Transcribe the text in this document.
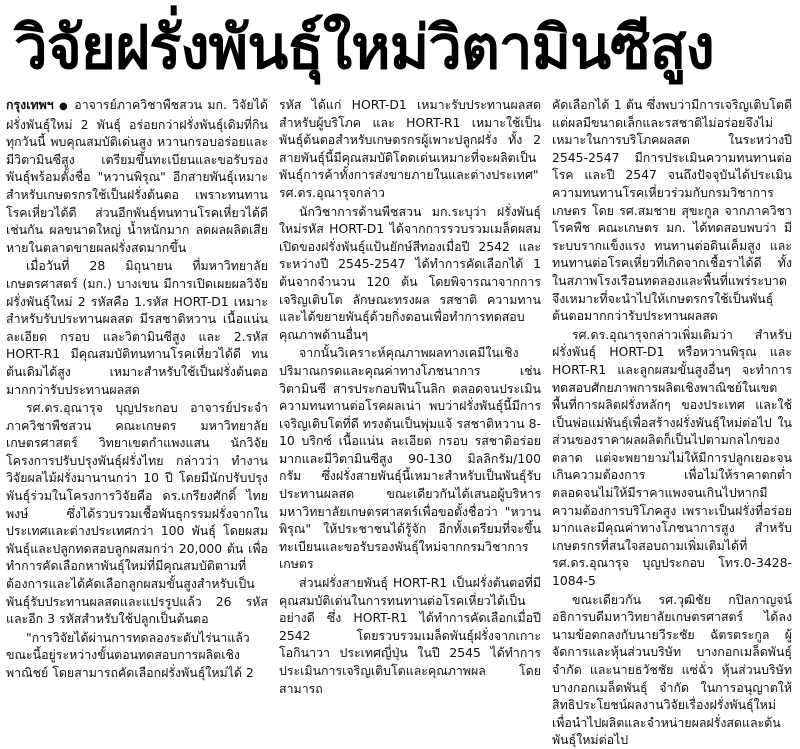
วิจัยฝรั่งพันธุ์ใหม่วิตามินซีสูง

กรุงเทพฯ ● อาจารย์ภาควิชาพืชสวน มก. วิจัยได้ฝรั่งพันธุ์ใหม่ 2 พันธุ์ อร่อยกว่าฝรั่งพันธุ์เดิมที่กินทุกวันนี้ พบคุณสมบัติเด่นสูง หวานกรอบอร่อยและมีวิตามินซีสูง เตรียมขึ้นทะเบียนและขอรับรองพันธุ์พร้อมตั้งชื่อ "หวานพิรุณ" อีกสายพันธุ์เหมาะสำหรับเกษตรกรใช้เป็นฝรั่งต้นตอ เพราะทนทานโรคเหี่ยวได้ดี ส่วนอีกพันธุ์ทนทานโรคเหี่ยวได้ดีเช่นกัน ผลขนาดใหญ่ น้ำหนักมาก ลดผลผลิตเสียหายในตลาดขายผลฝรั่งสดมากขึ้น

เมื่อวันที่ 28 มิถุนายน ที่มหาวิทยาลัยเกษตรศาสตร์ (มก.) บางเขน มีการเปิดเผยผลวิจัยฝรั่งพันธุ์ใหม่ 2 รหัสคือ 1.รหัส HORT-D1 เหมาะสำหรับรับประทานผลสด มีรสชาติหวาน เนื้อแน่น ละเอียด กรอบ และวิตามินซีสูง และ 2.รหัส HORT-R1 มีคุณสมบัติทนทานโรคเหี่ยวได้ดี ทนต้นเดิมได้สูง เหมาะสำหรับใช้เป็นฝรั่งต้นตอมากกว่ารับประทานผลสด

รศ.ดร.อุณารุจ บุญประกอบ อาจารย์ประจำภาควิชาพืชสวน คณะเกษตร มหาวิทยาลัยเกษตรศาสตร์ วิทยาเขตกำแพงแสน นักวิจัยโครงการปรับปรุงพันธุ์ฝรั่งไทย กล่าวว่า ทำงานวิจัยผลไม้ฝรั่งมานานกว่า 10 ปี โดยมีนักปรับปรุงพันธุ์ร่วมในโครงการวิจัยคือ ดร.เกรียงศักดิ์ ไทยพงษ์ ซึ่งได้รวบรวมเชื้อพันธุกรรมฝรั่งจากในประเทศและต่างประเทศกว่า 100 พันธุ์ โดยผสมพันธุ์และปลูกทดสอบลูกผสมกว่า 20,000 ต้น เพื่อทำการคัดเลือกหาพันธุ์ใหม่ที่มีคุณสมบัติตามที่ต้องการและได้คัดเลือกลูกผสมขั้นสูงสำหรับเป็นพันธุ์รับประทานผลสดและแปรรูปแล้ว 26 รหัส และอีก 3 รหัสสำหรับใช้ปลูกเป็นต้นตอ

"การวิจัยได้ผ่านการทดลองระดับไร่นาแล้ว ขณะนี้อยู่ระหว่างขั้นตอนทดสอบการผลิตเชิงพาณิชย์ โดยสามารถคัดเลือกฝรั่งพันธุ์ใหม่ได้ 2

รหัส ได้แก่ HORT-D1 เหมาะรับประทานผลสดสำหรับผู้บริโภค และ HORT-R1 เหมาะใช้เป็นพันธุ์ต้นตอสำหรับเกษตรกรผู้เพาะปลูกฝรั่ง ทั้ง 2 สายพันธุ์นี้มีคุณสมบัติโดดเด่นเหมาะที่จะผลิตเป็นพันธุ์การค้าทั้งการส่งขายภายในและต่างประเทศ" รศ.ดร.อุณารุจกล่าว

นักวิชาการด้านพืชสวน มก.ระบุว่า ฝรั่งพันธุ์ใหม่รหัส HORT-D1 ได้จากการรวบรวมเมล็ดผสมเปิดของฝรั่งพันธุ์แป้นยักษ์สีทองเมื่อปี 2542 และระหว่างปี 2545-2547 ได้ทำการคัดเลือกได้ 1 ต้นจากจำนวน 120 ต้น โดยพิจารณาจากการเจริญเติบโต ลักษณะทรงผล รสชาติ ความทานและได้ขยายพันธุ์ด้วยกิ่งตอนเพื่อทำการทดสอบคุณภาพด้านอื่นๆ

จากนั้นวิเคราะห์คุณภาพผลทางเคมีในเชิงปริมาณกรดและคุณค่าทางโภชนาการ เช่น วิตามินซี สารประกอบฟีนโนลิก ตลอดจนประเมินความทนทานต่อโรคผลเน่า พบว่าฝรั่งพันธุ์นี้มีการเจริญเติบโตที่ดี ทรงต้นเป็นพุ่มแจ้ รสชาติหวาน 8-10 บริกซ์ เนื้อแน่น ละเอียด กรอบ รสชาติอร่อยมากและมีวิตามินซีสูง 90-130 มิลลิกรัม/100 กรัม ซึ่งฝรั่งสายพันธุ์นี้เหมาะสำหรับเป็นพันธุ์รับประทานผลสด ขณะเดียวกันได้เสนอผู้บริหารมหาวิทยาลัยเกษตรศาสตร์เพื่อขอตั้งชื่อว่า "หวานพิรุณ" ให้ประชาชนได้รู้จัก อีกทั้งเตรียมที่จะขึ้นทะเบียนและขอรับรองพันธุ์ใหม่จากกรมวิชาการเกษตร

ส่วนฝรั่งสายพันธุ์ HORT-R1 เป็นฝรั่งต้นตอที่มีคุณสมบัติเด่นในการทนทานต่อโรคเหี่ยวได้เป็นอย่างดี ซึ่ง HORT-R1 ได้ทำการคัดเลือกเมื่อปี 2542 โดยรวบรวมเมล็ดพันธุ์ฝรั่งจากเกาะโอกินาวา ประเทศญี่ปุ่น ในปี 2545 ได้ทำการประเมินการเจริญเติบโตและคุณภาพผล โดยสามารถ

คัดเลือกได้ 1 ต้น ซึ่งพบว่ามีการเจริญเติบโตดี แต่ผลมีขนาดเล็กและรสชาติไม่อร่อยจึงไม่เหมาะในการบริโภคผลสด ในระหว่างปี 2545-2547 มีการประเมินความทนทานต่อโรค และปี 2547 จนถึงปัจจุบันได้ประเมินความทนทานโรคเหี่ยวร่วมกับกรมวิชาการเกษตร โดย รศ.สมชาย สุขะกูล จากภาควิชาโรคพืช คณะเกษตร มก. ได้ทดสอบพบว่า มีระบบรากแข็งแรง ทนทานต่อดินเค็มสูง และทนทานต่อโรคเหี่ยวที่เกิดจากเชื้อราได้ดี ทั้งในสภาพโรงเรือนทดลองและพื้นที่แพร่ระบาด จึงเหมาะที่จะนำไปให้เกษตรกรใช้เป็นพันธุ์ต้นตอมากกว่ารับประทานผลสด

รศ.ดร.อุณารุจกล่าวเพิ่มเติมว่า สำหรับฝรั่งพันธุ์ HORT-D1 หรือหวานพิรุณ และ HORT-R1 และลูกผสมขั้นสูงอื่นๆ จะทำการทดสอบศักยภาพการผลิตเชิงพาณิชย์ในเขตพื้นที่การผลิตฝรั่งหลักๆ ของประเทศ และใช้เป็นพ่อแม่พันธุ์เพื่อสร้างฝรั่งพันธุ์ใหม่ต่อไป ในส่วนของราคาผลผลิตก็เป็นไปตามกลไกของตลาด แต่จะพยายามไม่ให้มีการปลูกเยอะจนเกินความต้องการ เพื่อไม่ให้ราคาตกต่ำ ตลอดจนไม่ให้มีราคาแพงจนเกินไปหากมีความต้องการบริโภคสูง เพราะเป็นฝรั่งที่อร่อยมากและมีคุณค่าทางโภชนาการสูง สำหรับเกษตรกรที่สนใจสอบถามเพิ่มเติมได้ที่ รศ.ดร.อุณารุจ บุญประกอบ โทร.0-3428-1084-5

ขณะเดียวกัน รศ.วุฒิชัย กปิลกาญจน์ อธิการบดีมหาวิทยาลัยเกษตรศาสตร์ ได้ลงนามข้อตกลงกับนายวีระชัย ฉัตรตระกูล ผู้จัดการและหุ้นส่วนบริษัท บางกอกเมล็ดพันธุ์ จำกัด และนายธวัชชัย แซ่ฉั่ว หุ้นส่วนบริษัท บางกอกเมล็ดพันธุ์ จำกัด ในการอนุญาตให้สิทธิประโยชน์ผลงานวิจัยเรื่องฝรั่งพันธุ์ใหม่ เพื่อนำไปผลิตและจำหน่ายผลฝรั่งสดและต้นพันธุ์ใหม่ต่อไป
